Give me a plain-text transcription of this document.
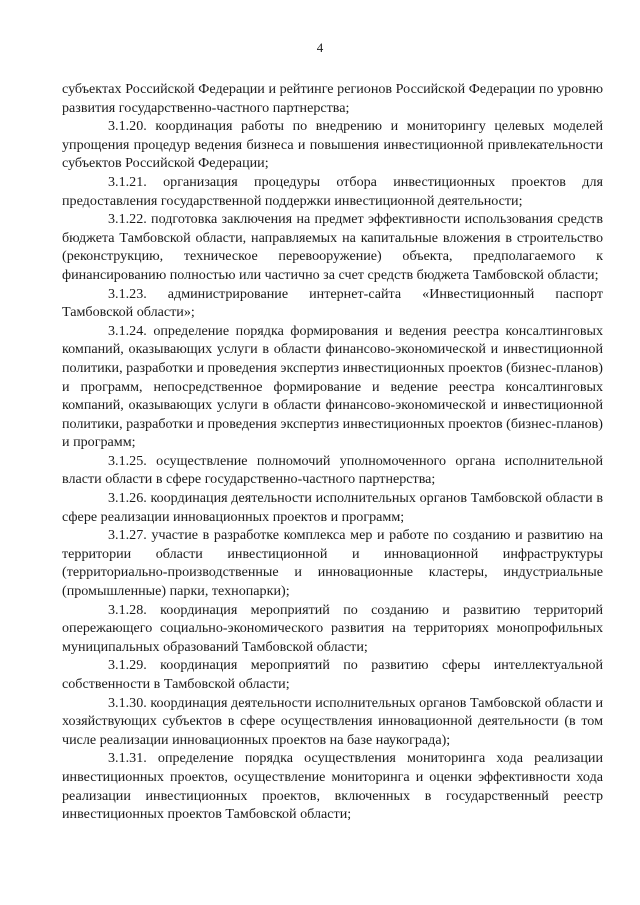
4

субъектах Российской Федерации и рейтинге регионов Российской Федерации по уровню развития государственно-частного партнерства;

3.1.20. координация работы по внедрению и мониторингу целевых моделей упрощения процедур ведения бизнеса и повышения инвестиционной привлекательности субъектов Российской Федерации;

3.1.21. организация процедуры отбора инвестиционных проектов для предоставления государственной поддержки инвестиционной деятельности;

3.1.22. подготовка заключения на предмет эффективности использования средств бюджета Тамбовской области, направляемых на капитальные вложения в строительство (реконструкцию, техническое перевооружение) объекта, предполагаемого к финансированию полностью или частично за счет средств бюджета Тамбовской области;

3.1.23. администрирование интернет-сайта «Инвестиционный паспорт Тамбовской области»;

3.1.24. определение порядка формирования и ведения реестра консалтинговых компаний, оказывающих услуги в области финансово-экономической и инвестиционной политики, разработки и проведения экспертиз инвестиционных проектов (бизнес-планов) и программ, непосредственное формирование и ведение реестра консалтинговых компаний, оказывающих услуги в области финансово-экономической и инвестиционной политики, разработки и проведения экспертиз инвестиционных проектов (бизнес-планов) и программ;

3.1.25. осуществление полномочий уполномоченного органа исполнительной власти области в сфере государственно-частного партнерства;

3.1.26. координация деятельности исполнительных органов Тамбовской области в сфере реализации инновационных проектов и программ;

3.1.27. участие в разработке комплекса мер и работе по созданию и развитию на территории области инвестиционной и инновационной инфраструктуры (территориально-производственные и инновационные кластеры, индустриальные (промышленные) парки, технопарки);

3.1.28. координация мероприятий по созданию и развитию территорий опережающего социально-экономического развития на территориях монопрофильных муниципальных образований Тамбовской области;

3.1.29. координация мероприятий по развитию сферы интеллектуальной собственности в Тамбовской области;

3.1.30. координация деятельности исполнительных органов Тамбовской области и хозяйствующих субъектов в сфере осуществления инновационной деятельности (в том числе реализации инновационных проектов на базе наукограда);

3.1.31. определение порядка осуществления мониторинга хода реализации инвестиционных проектов, осуществление мониторинга и оценки эффективности хода реализации инвестиционных проектов, включенных в государственный реестр инвестиционных проектов Тамбовской области;
